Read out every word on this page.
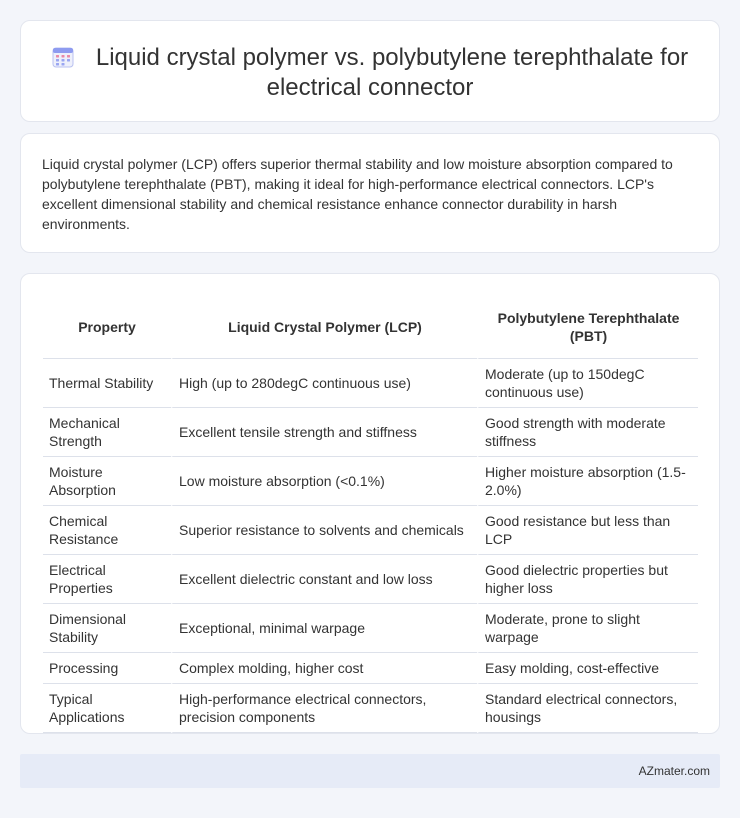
Liquid crystal polymer vs. polybutylene terephthalate for electrical connector

Liquid crystal polymer (LCP) offers superior thermal stability and low moisture absorption compared to polybutylene terephthalate (PBT), making it ideal for high-performance electrical connectors. LCP's excellent dimensional stability and chemical resistance enhance connector durability in harsh environments.

Property	Liquid Crystal Polymer (LCP)	Polybutylene Terephthalate (PBT)
Thermal Stability	High (up to 280degC continuous use)	Moderate (up to 150degC continuous use)
Mechanical Strength	Excellent tensile strength and stiffness	Good strength with moderate stiffness
Moisture Absorption	Low moisture absorption (<0.1%)	Higher moisture absorption (1.5-2.0%)
Chemical Resistance	Superior resistance to solvents and chemicals	Good resistance but less than LCP
Electrical Properties	Excellent dielectric constant and low loss	Good dielectric properties but higher loss
Dimensional Stability	Exceptional, minimal warpage	Moderate, prone to slight warpage
Processing	Complex molding, higher cost	Easy molding, cost-effective
Typical Applications	High-performance electrical connectors, precision components	Standard electrical connectors, housings
AZmater.com
